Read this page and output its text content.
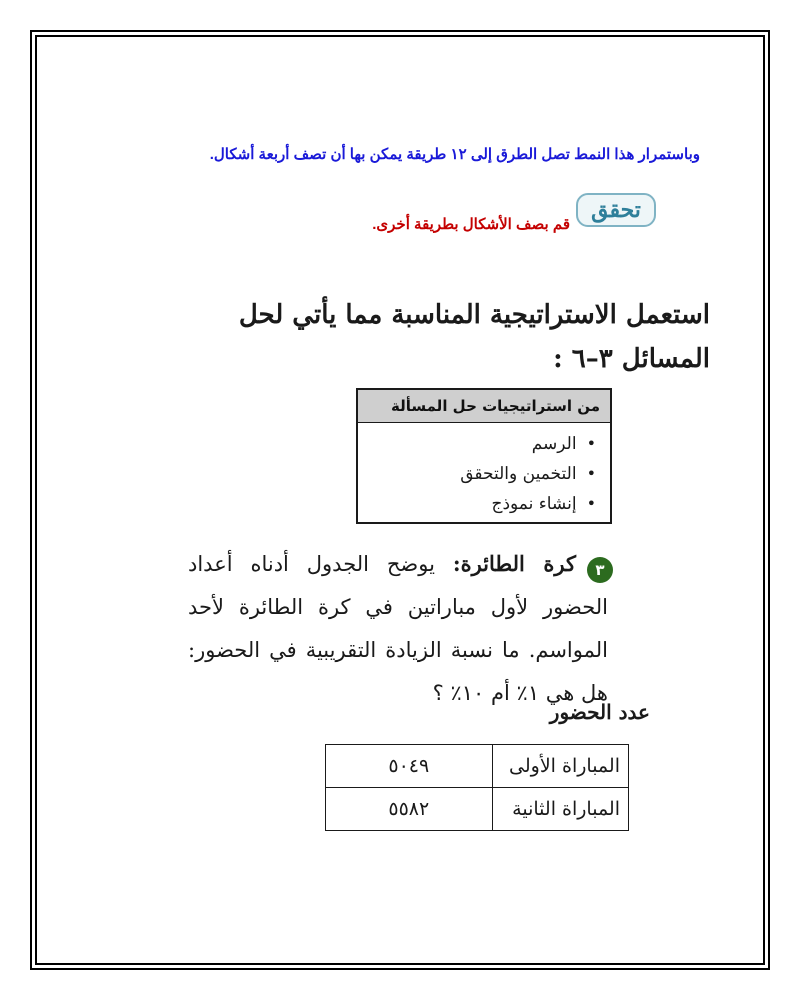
وباستمرار هذا النمط تصل الطرق إلى ١٢ طريقة يمكن بها أن تصف أربعة أشكال.
تحقق
قم بصف الأشكال بطريقة أخرى.
استعمل الاستراتيجية المناسبة مما يأتي لحل
المسائل ٣–٦ :
من استراتيجيات حل المسألة
• الرسم
• التخمين والتحقق
• إنشاء نموذج
٣
كرة الطائرة: يوضح الجدول أدناه أعداد الحضور لأول مباراتين في كرة الطائرة لأحد المواسم. ما نسبة الزيادة التقريبية في الحضور: هل هي ١٪ أم ١٠٪ ؟
عدد الحضور
المباراة الأولى	٥٠٤٩
المباراة الثانية	٥٥٨٢
